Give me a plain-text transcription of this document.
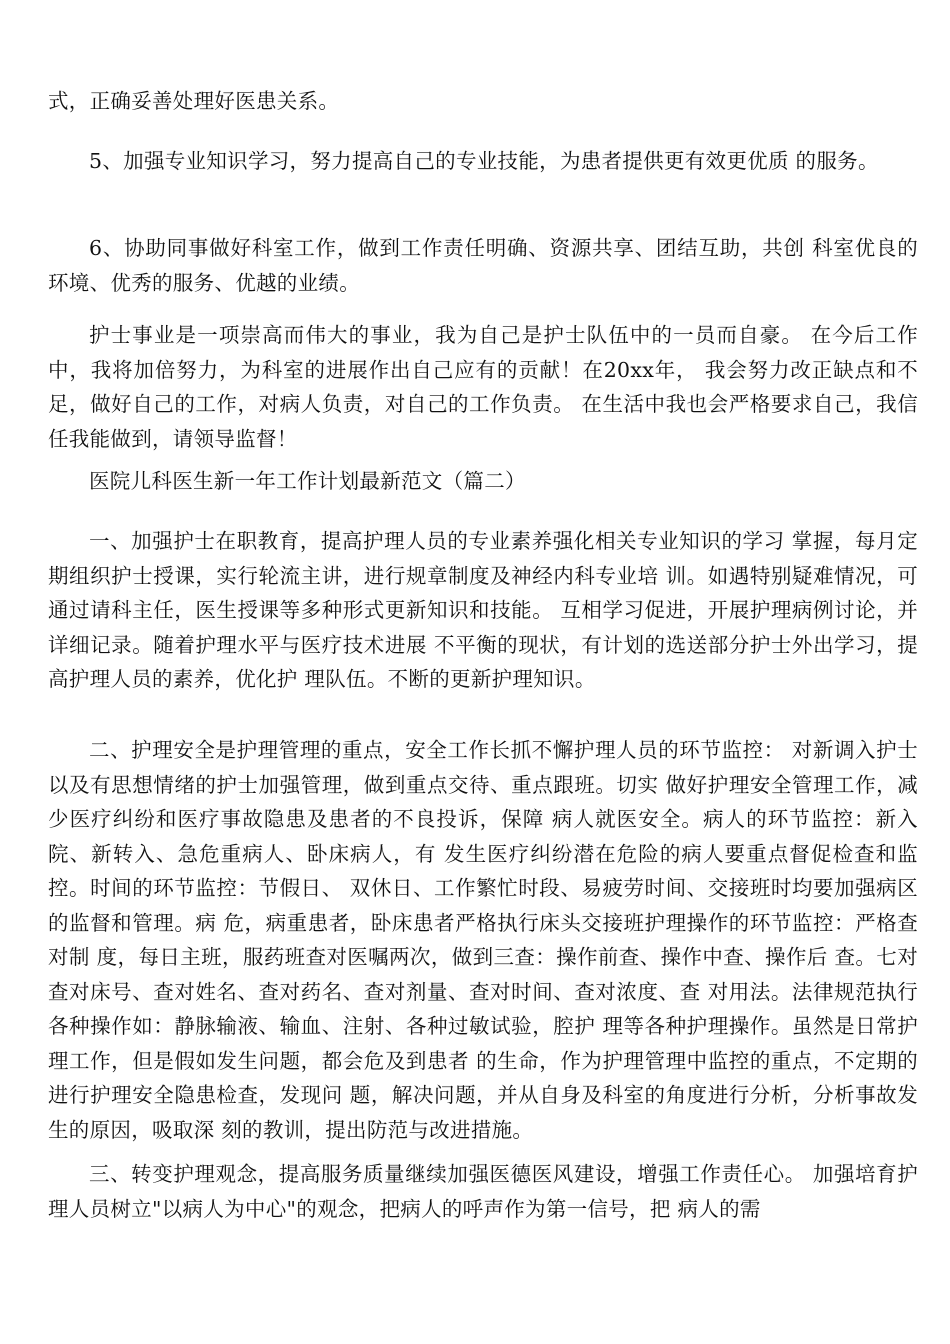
式，正确妥善处理好医患关系。

5、加强专业知识学习，努力提高自己的专业技能，为患者提供更有效更优质 的服务。

6、协助同事做好科室工作，做到工作责任明确、资源共享、团结互助，共创 科室优良的环境、优秀的服务、优越的业绩。

护士事业是一项崇高而伟大的事业，我为自己是护士队伍中的一员而自豪。 在今后工作中，我将加倍努力，为科室的进展作出自己应有的贡献！在20xx年， 我会努力改正缺点和不足，做好自己的工作，对病人负责，对自己的工作负责。 在生活中我也会严格要求自己，我信任我能做到，请领导监督！

医院儿科医生新一年工作计划最新范文（篇二）

一、加强护士在职教育，提高护理人员的专业素养强化相关专业知识的学习 掌握，每月定期组织护士授课，实行轮流主讲，进行规章制度及神经内科专业培 训。如遇特别疑难情况，可通过请科主任，医生授课等多种形式更新知识和技能。 互相学习促进，开展护理病例讨论，并详细记录。随着护理水平与医疗技术进展 不平衡的现状，有计划的选送部分护士外出学习，提高护理人员的素养，优化护 理队伍。不断的更新护理知识。

二、护理安全是护理管理的重点，安全工作长抓不懈护理人员的环节监控： 对新调入护士以及有思想情绪的护士加强管理，做到重点交待、重点跟班。切实 做好护理安全管理工作，减少医疗纠纷和医疗事故隐患及患者的不良投诉，保障 病人就医安全。病人的环节监控：新入院、新转入、急危重病人、卧床病人，有 发生医疗纠纷潜在危险的病人要重点督促检查和监控。时间的环节监控：节假日、 双休日、工作繁忙时段、易疲劳时间、交接班时均要加强病区的监督和管理。病 危，病重患者，卧床患者严格执行床头交接班护理操作的环节监控：严格查对制 度，每日主班，服药班查对医嘱两次，做到三查：操作前查、操作中查、操作后 查。七对查对床号、查对姓名、查对药名、查对剂量、查对时间、查对浓度、查 对用法。法律规范执行各种操作如：静脉输液、输血、注射、各种过敏试验，腔护 理等各种护理操作。虽然是日常护理工作，但是假如发生问题，都会危及到患者 的生命，作为护理管理中监控的重点，不定期的进行护理安全隐患检查，发现问 题，解决问题，并从自身及科室的角度进行分析，分析事故发生的原因，吸取深 刻的教训，提出防范与改进措施。

三、转变护理观念，提高服务质量继续加强医德医风建设，增强工作责任心。 加强培育护理人员树立"以病人为中心"的观念，把病人的呼声作为第一信号，把 病人的需
